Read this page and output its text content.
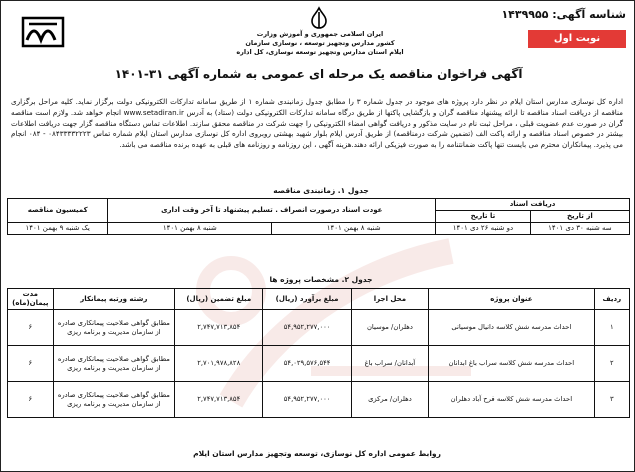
ایران اسلامی جمهوری و آموزش وزارت
کشور مدارس وتجهیز توسعه ، نوسازی سازمان
ایلام استان مدارس وتجهیز توسعه نوسازی، کل اداره
شناسه آگهی: ۱۴۳۹۹۵۵
نوبت اول
آگهی فراخوان مناقصه یک مرحله ای عمومی به شماره آگهی ۳۱-۱۴۰۱
اداره کل نوسازی مدارس استان ایلام در نظر دارد پروژه های موجود در جدول شماره ۳ را مطابق جدول زمانبندی شماره ۱ از طریق سامانه تدارکات الکترونیکی دولت برگزار نماید. کلیه مراحل برگزاری مناقصه از دریافت اسناد مناقصه تا ارائه پیشنهاد مناقصه گران و بازگشایی پاکتها از طریق درگاه سامانه تدارکات الکترونیکی دولت (ستاد) به آدرس www.setadiran.ir انجام خواهد شد. ولازم است مناقصه گران در صورت عدم عضویت قبلی ، مراحل ثبت نام در سایت مذکور و دریافت گواهی امضاء الکترونیکی را جهت شرکت در مناقصه محقق سازند. اطلاعات تماس دستگاه مناقصه گزار جهت دریافت اطلاعات بیشتر در خصوص اسناد مناقصه و ارائه پاکت الف (تضمین شرکت درمناقصه) از طریق آدرس ایلام بلوار شهید بهشتی روبروی اداره کل نوسازی مدارس استان ایلام شماره تماس ۰۸۴۳۳۳۳۲۲۲۳ - ۰۸۴ انجام می پذیرد. پیمانکاران محترم می بایست تنها پاکت ضمانتنامه را به صورت فیزیکی ارائه دهند.هزینه آگهی ، این روزنامه و روزنامه های قبلی به عهده برنده مناقصه می باشد.
جدول ۱. زمانبندی مناقصه
دریافت اسناد		عودت اسناد درصورت انصراف . تسلیم پیشنهاد تا آخر وقت اداری		کمیسیون مناقصه
از تاریخ	تا تاریخ			
سه شنبه ۳۰ دی ۱۴۰۱	دو شنبه ۲۶ دی ۱۴۰۱	شنبه ۸ بهمن ۱۴۰۱	شنبه ۸ بهمن ۱۴۰۱	یک شنبه ۹ بهمن ۱۴۰۱
جدول ۲. مشخصات پروژه ها
ردیف	عنوان پروژه	محل اجرا	مبلغ برآورد (ریال)	مبلغ تضمین (ریال)	رشته ورتبه پیمانکار	مدت پیمان(ماه)
۱	احداث مدرسه شش کلاسه دانیال موسیانی	دهلران/ موسیان	۵۴,۹۵۲,۲۷۷,۰۰۰	۲,۷۴۷,۷۱۳,۸۵۴	مطابق گواهی صلاحیت پیمانکاری صادره از سازمان مدیریت و برنامه ریزی	۶
۲	احداث مدرسه شش کلاسه سراب باغ ابدانان	آبدانان/ سراب باغ	۵۴,۰۲۹,۵۷۶,۵۴۴	۲,۷۰۱,۹۷۸,۸۲۸	مطابق گواهی صلاحیت پیمانکاری صادره از سازمان مدیریت و برنامه ریزی	۶
۳	احداث مدرسه شش کلاسه فرح آباد دهلران	دهلران/ مرکزی	۵۴,۹۵۲,۲۷۷,۰۰۰	۲,۷۴۷,۷۱۳,۸۵۴	مطابق گواهی صلاحیت پیمانکاری صادره از سازمان مدیریت و برنامه ریزی	۶
روابط عمومی اداره کل نوسازی، توسعه وتجهیز مدارس استان ایلام
